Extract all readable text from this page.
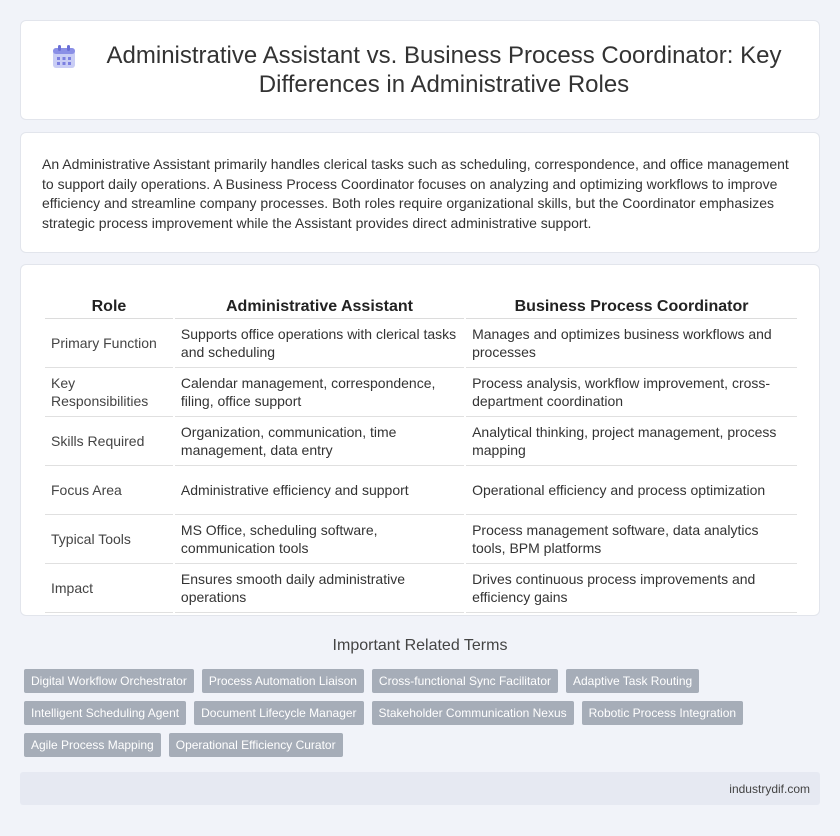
Administrative Assistant vs. Business Process Coordinator: Key Differences in Administrative Roles

An Administrative Assistant primarily handles clerical tasks such as scheduling, correspondence, and office management to support daily operations. A Business Process Coordinator focuses on analyzing and optimizing workflows to improve efficiency and streamline company processes. Both roles require organizational skills, but the Coordinator emphasizes strategic process improvement while the Assistant provides direct administrative support.

Role	Administrative Assistant	Business Process Coordinator
Primary Function	Supports office operations with clerical tasks and scheduling	Manages and optimizes business workflows and processes
Key Responsibilities	Calendar management, correspondence, filing, office support	Process analysis, workflow improvement, cross-department coordination
Skills Required	Organization, communication, time management, data entry	Analytical thinking, project management, process mapping
Focus Area	Administrative efficiency and support	Operational efficiency and process optimization
Typical Tools	MS Office, scheduling software, communication tools	Process management software, data analytics tools, BPM platforms
Impact	Ensures smooth daily administrative operations	Drives continuous process improvements and efficiency gains
Important Related Terms
Digital Workflow Orchestrator	Process Automation Liaison	Cross-functional Sync Facilitator	Adaptive Task Routing
Intelligent Scheduling Agent	Document Lifecycle Manager	Stakeholder Communication Nexus	Robotic Process Integration
Agile Process Mapping	Operational Efficiency Curator
industrydif.com
